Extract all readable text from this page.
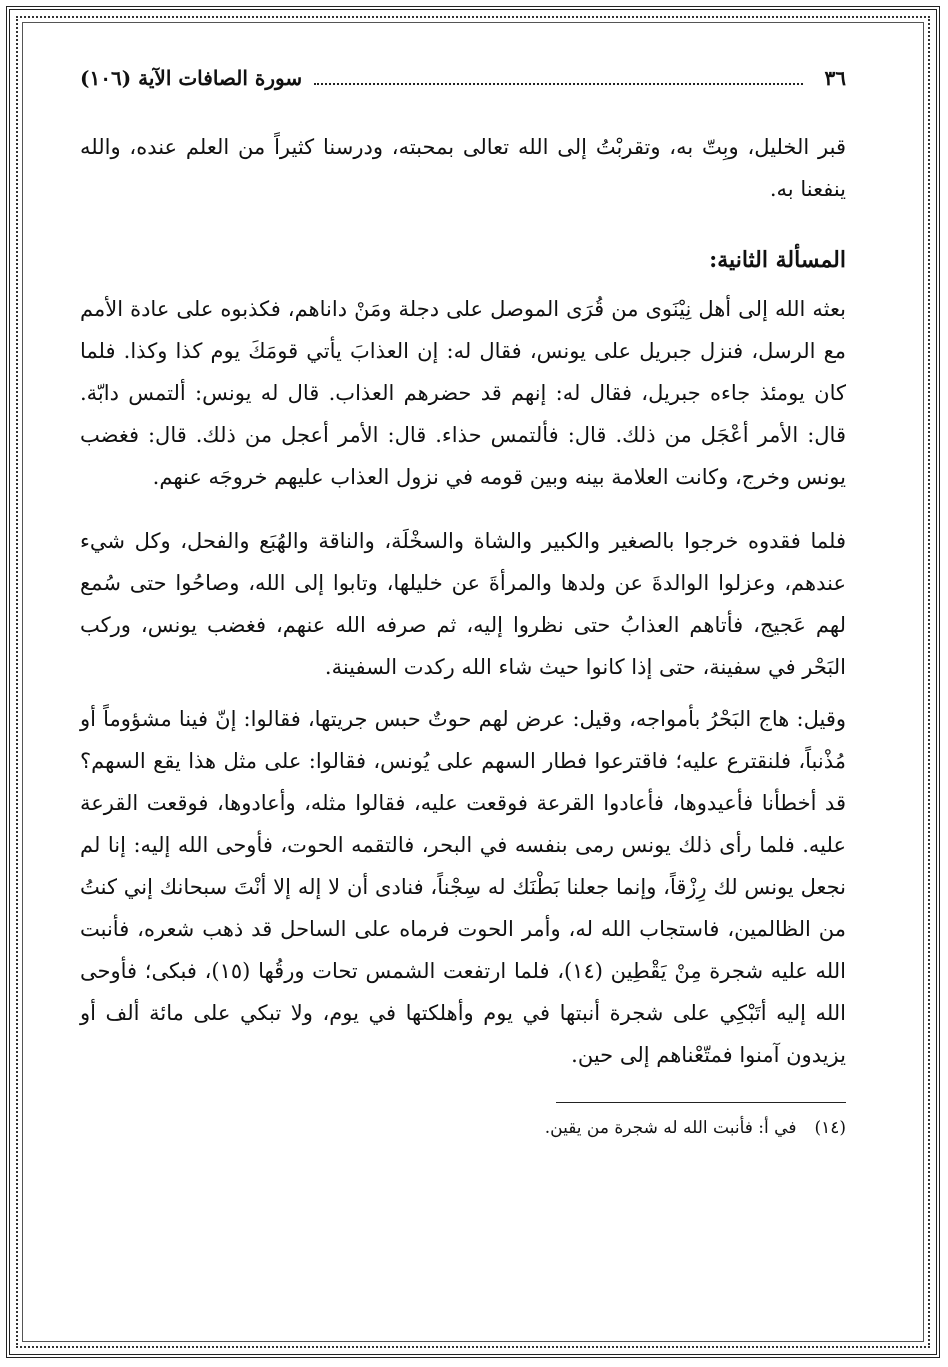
٣٦
سورة الصافات الآية (١٠٦)

قبر الخليل، وبِتّ به، وتقربْتُ إلى الله تعالى بمحبته، ودرسنا كثيراً من العلم عنده، والله ينفعنا به.

المسألة الثانية:

بعثه الله إلى أهل نِيْنَوى من قُرَى الموصل على دجلة ومَنْ داناهم، فكذبوه على عادة الأمم مع الرسل، فنزل جبريل على يونس، فقال له: إن العذابَ يأتي قومَكَ يوم كذا وكذا. فلما كان يومئذ جاءه جبريل، فقال له: إنهم قد حضرهم العذاب. قال له يونس: ألتمس دابّة. قال: الأمر أعْجَل من ذلك. قال: فألتمس حذاء. قال: الأمر أعجل من ذلك. قال: فغضب يونس وخرج، وكانت العلامة بينه وبين قومه في نزول العذاب عليهم خروجَه عنهم.

فلما فقدوه خرجوا بالصغير والكبير والشاة والسخْلَة، والناقة والهُبَع والفحل، وكل شيء عندهم، وعزلوا الوالدةَ عن ولدها والمرأةَ عن خليلها، وتابوا إلى الله، وصاحُوا حتى سُمع لهم عَجيج، فأتاهم العذابُ حتى نظروا إليه، ثم صرفه الله عنهم، فغضب يونس، وركب البَحْر في سفينة، حتى إذا كانوا حيث شاء الله ركدت السفينة.

وقيل: هاج البَحْرُ بأمواجه، وقيل: عرض لهم حوتٌ حبس جريتها، فقالوا: إنّ فينا مشؤوماً أو مُذْنباً، فلنقترع عليه؛ فاقترعوا فطار السهم على يُونس، فقالوا: على مثل هذا يقع السهم؟ قد أخطأنا فأعيدوها، فأعادوا القرعة فوقعت عليه، فقالوا مثله، وأعادوها، فوقعت القرعة عليه. فلما رأى ذلك يونس رمى بنفسه في البحر، فالتقمه الحوت، فأوحى الله إليه: إنا لم نجعل يونس لك رِزْقاً، وإنما جعلنا بَطْنَك له سِجْناً، فنادى أن لا إله إلا أنْتَ سبحانك إني كنتُ من الظالمين، فاستجاب الله له، وأمر الحوت فرماه على الساحل قد ذهب شعره، فأنبت الله عليه شجرة مِنْ يَقْطِين (١٤)، فلما ارتفعت الشمس تحات ورقُها (١٥)، فبكى؛ فأوحى الله إليه أتَبْكِي على شجرة أنبتها في يوم وأهلكتها في يوم، ولا تبكي على مائة ألف أو يزيدون آمنوا فمتّعْناهم إلى حين.

(١٤)
في أ: فأنبت الله له شجرة من يقين.
